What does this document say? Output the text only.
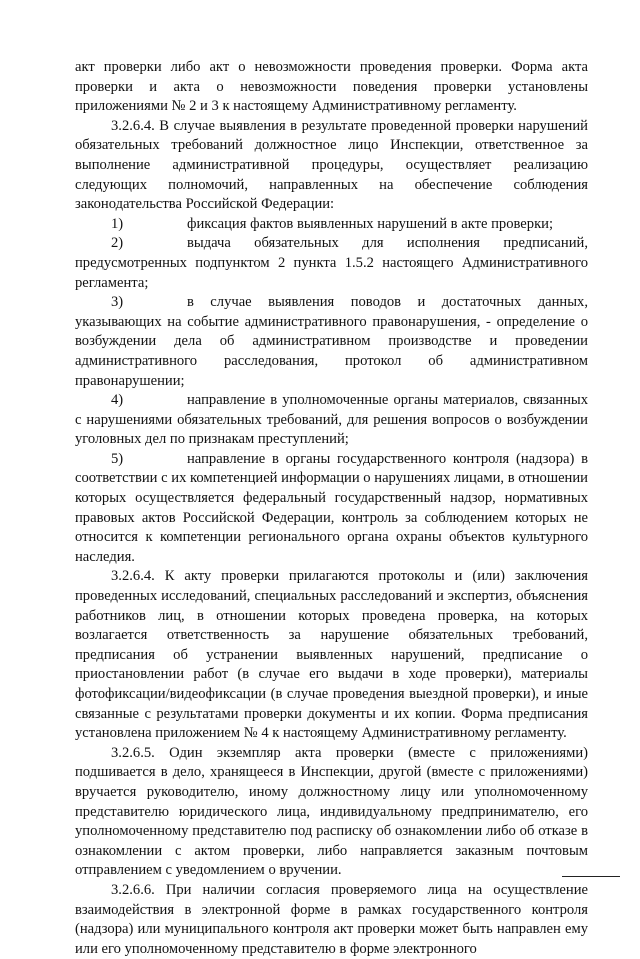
акт проверки либо акт о невозможности проведения проверки. Форма акта проверки и акта о невозможности поведения проверки установлены приложениями № 2 и 3 к настоящему Административному регламенту.

3.2.6.4. В случае выявления в результате проведенной проверки нарушений обязательных требований должностное лицо Инспекции, ответственное за выполнение административной процедуры, осуществляет реализацию следующих полномочий, направленных на обеспечение соблюдения законодательства Российской Федерации:

1)	фиксация фактов выявленных нарушений в акте проверки;

2)	выдача обязательных для исполнения предписаний, предусмотренных подпунктом 2 пункта 1.5.2 настоящего Административного регламента;

3)	в случае выявления поводов и достаточных данных, указывающих на событие административного правонарушения, - определение о возбуждении дела об административном производстве и проведении административного расследования, протокол об административном правонарушении;

4)	направление в уполномоченные органы материалов, связанных с нарушениями обязательных требований, для решения вопросов о возбуждении уголовных дел по признакам преступлений;

5)	направление в органы государственного контроля (надзора) в соответствии с их компетенцией информации о нарушениях лицами, в отношении которых осуществляется федеральный государственный надзор, нормативных правовых актов Российской Федерации, контроль за соблюдением которых не относится к компетенции регионального органа охраны объектов культурного наследия.

3.2.6.4. К акту проверки прилагаются протоколы и (или) заключения проведенных исследований, специальных расследований и экспертиз, объяснения работников лиц, в отношении которых проведена проверка, на которых возлагается ответственность за нарушение обязательных требований, предписания об устранении выявленных нарушений, предписание о приостановлении работ (в случае его выдачи в ходе проверки), материалы фотофиксации/видеофиксации (в случае проведения выездной проверки), и иные связанные с результатами проверки документы и их копии. Форма предписания установлена приложением № 4 к настоящему Административному регламенту.

3.2.6.5. Один экземпляр акта проверки (вместе с приложениями) подшивается в дело, хранящееся в Инспекции, другой (вместе с приложениями) вручается руководителю, иному должностному лицу или уполномоченному представителю юридического лица, индивидуальному предпринимателю, его уполномоченному представителю под расписку об ознакомлении либо об отказе в ознакомлении с актом проверки, либо направляется заказным почтовым отправлением с уведомлением о вручении.

3.2.6.6. При наличии согласия проверяемого лица на осуществление взаимодействия в электронной форме в рамках государственного контроля (надзора) или муниципального контроля акт проверки может быть направлен ему или его уполномоченному представителю в форме электронного
